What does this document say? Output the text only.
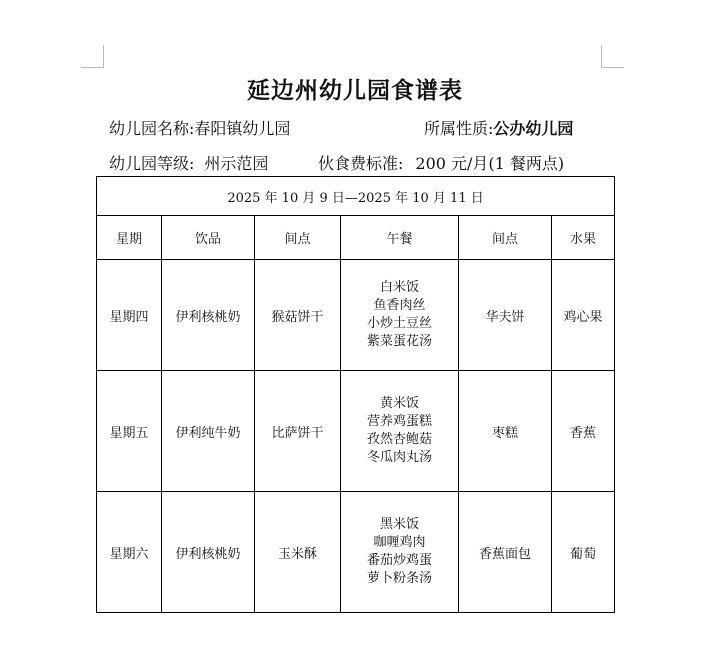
延边州幼儿园食谱表
幼儿园名称:春阳镇幼儿园	所属性质:公办幼儿园
幼儿园等级: 州示范园	伙食费标准: 200 元/月(1 餐两点)
2025 年 10 月 9 日—2025 年 10 月 11 日					
星期	饮品	间点	午餐	间点	水果
星期四	伊利核桃奶	猴菇饼干	白米饭
鱼香肉丝
小炒土豆丝
紫菜蛋花汤	华夫饼	鸡心果
星期五	伊利纯牛奶	比萨饼干	黄米饭
营养鸡蛋糕
孜然杏鲍菇
冬瓜肉丸汤	枣糕	香蕉
星期六	伊利核桃奶	玉米酥	黑米饭
咖喱鸡肉
番茄炒鸡蛋
萝卜粉条汤	香蕉面包	葡萄
